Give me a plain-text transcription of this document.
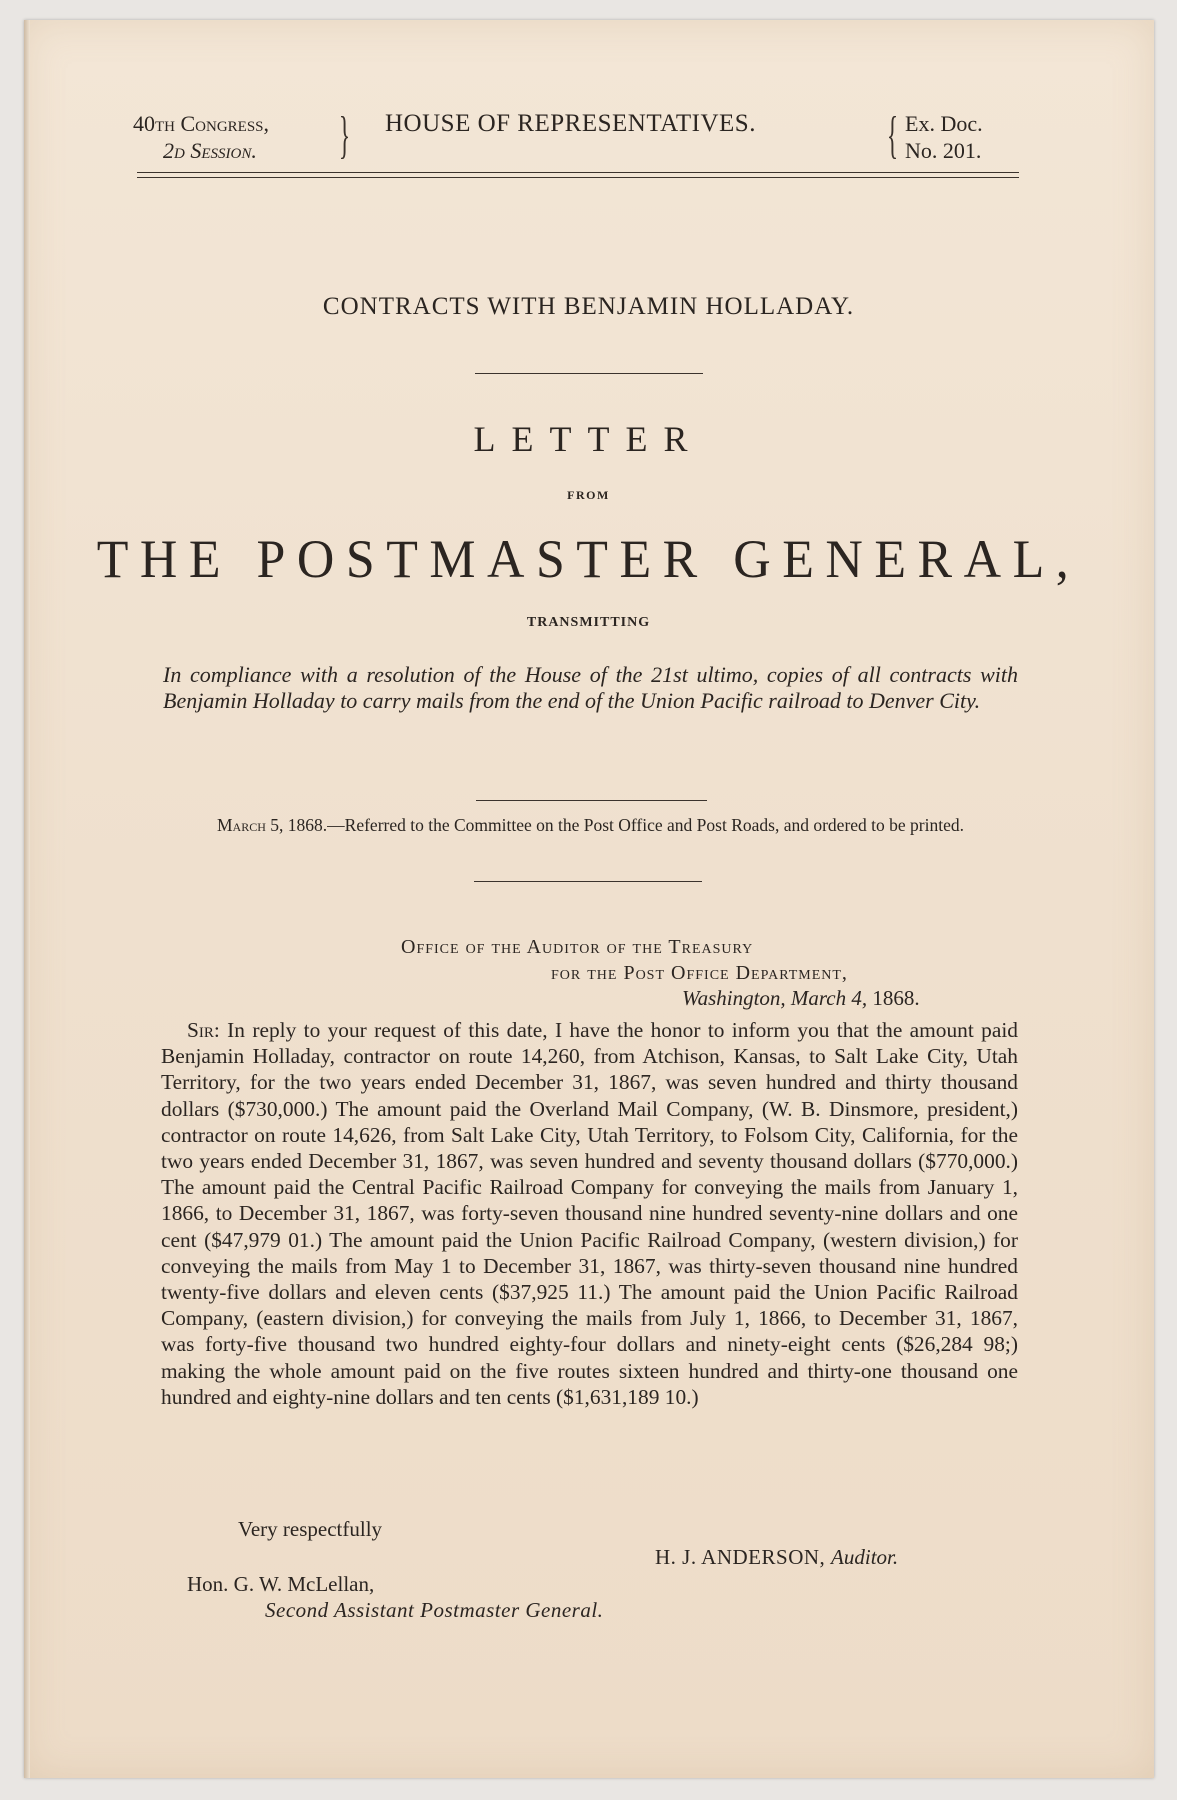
40th Congress,
2d Session. } HOUSE OF REPRESENTATIVES.	{ Ex. Doc.
No. 201.
CONTRACTS WITH BENJAMIN HOLLADAY.
LETTER
FROM
THE POSTMASTER GENERAL,
TRANSMITTING
In compliance with a resolution of the House of the 21st ultimo, copies of all contracts with Benjamin Holladay to carry mails from the end of the Union Pacific railroad to Denver City.
March 5, 1868.—Referred to the Committee on the Post Office and Post Roads, and ordered to be printed.
Office of the Auditor of the Treasury
for the Post Office Department,
Washington, March 4, 1868.
Sir: In reply to your request of this date, I have the honor to inform you that the amount paid Benjamin Holladay, contractor on route 14,260, from Atchison, Kansas, to Salt Lake City, Utah Territory, for the two years ended December 31, 1867, was seven hundred and thirty thousand dollars ($730,000.) The amount paid the Overland Mail Company, (W. B. Dinsmore, president,) contractor on route 14,626, from Salt Lake City, Utah Territory, to Folsom City, California, for the two years ended December 31, 1867, was seven hundred and seventy thousand dollars ($770,000.) The amount paid the Central Pacific Railroad Company for conveying the mails from January 1, 1866, to December 31, 1867, was forty-seven thousand nine hundred seventy-nine dollars and one cent ($47,979 01.) The amount paid the Union Pacific Railroad Company, (western division,) for conveying the mails from May 1 to December 31, 1867, was thirty-seven thousand nine hundred twenty-five dollars and eleven cents ($37,925 11.) The amount paid the Union Pacific Railroad Company, (eastern division,) for conveying the mails from July 1, 1866, to December 31, 1867, was forty-five thousand two hundred eighty-four dollars and ninety-eight cents ($26,284 98;) making the whole amount paid on the five routes sixteen hundred and thirty-one thousand one hundred and eighty-nine dollars and ten cents ($1,631,189 10.)
Very respectfully
H. J. ANDERSON, Auditor.
Hon. G. W. McLellan,
Second Assistant Postmaster General.
